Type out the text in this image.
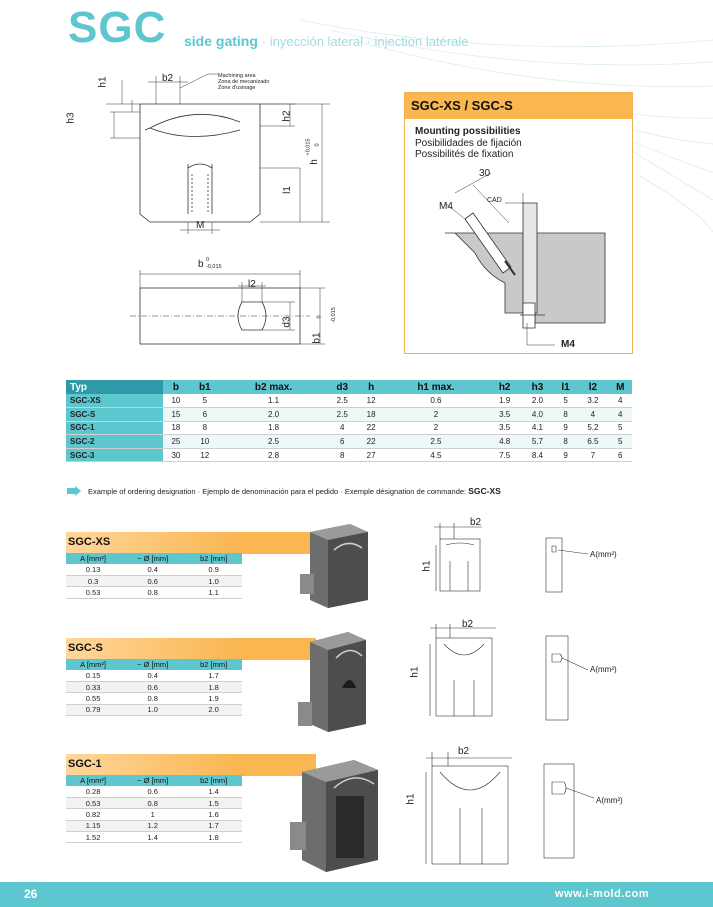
SGC side gating · inyección lateral · injection latérale
h1	b2
h3	h2
h
+0,015 0
l1
M
Machining area
Zona de mecanizado
Zone d'usinage
b 0
-0,015
l2
d3
b1
0 -0,015
SGC-XS / SGC-S
Mounting possibilities
Posibilidades de fijación
Possibilités de fixation
30
M4
CAD
M4
Typ	b	b1	b2 max.	d3	h	h1 max.	h2	h3	l1	l2	M
SGC-XS	10	5	1.1	2.5	12	0.6	1.9	2.0	5	3.2	4
SGC-S	15	6	2.0	2.5	18	2	3.5	4.0	8	4	4
SGC-1	18	8	1.8	4	22	2	3.5	4.1	9	5.2	5
SGC-2	25	10	2.5	6	22	2.5	4.8	5.7	8	6.5	5
SGC-3	30	12	2.8	8	27	4.5	7.5	8.4	9	7	6
Example of ordering designation · Ejemplo de denominación para el pedido · Exemple désignation de commande: SGC-XS
SGC-XS
A [mm²]	~ Ø [mm]	b2 [mm]
0.13	0.4	0.9
0.3	0.6	1.0
0.53	0.8	1.1
b2
h1
A(mm²)
SGC-S
A [mm²]	~ Ø [mm]	b2 [mm]
0.15	0.4	1.7
0.33	0.6	1.8
0.55	0.8	1.9
0.79	1.0	2.0
b2
h1	A(mm²)
SGC-1
A [mm²]	~ Ø [mm]	b2 [mm]
0.28	0.6	1.4
0.53	0.8	1.5
0.82	1	1.6
1.15	1.2	1.7
1.52	1.4	1.8
b2
h1	A(mm²)
26	www.i-mold.com
